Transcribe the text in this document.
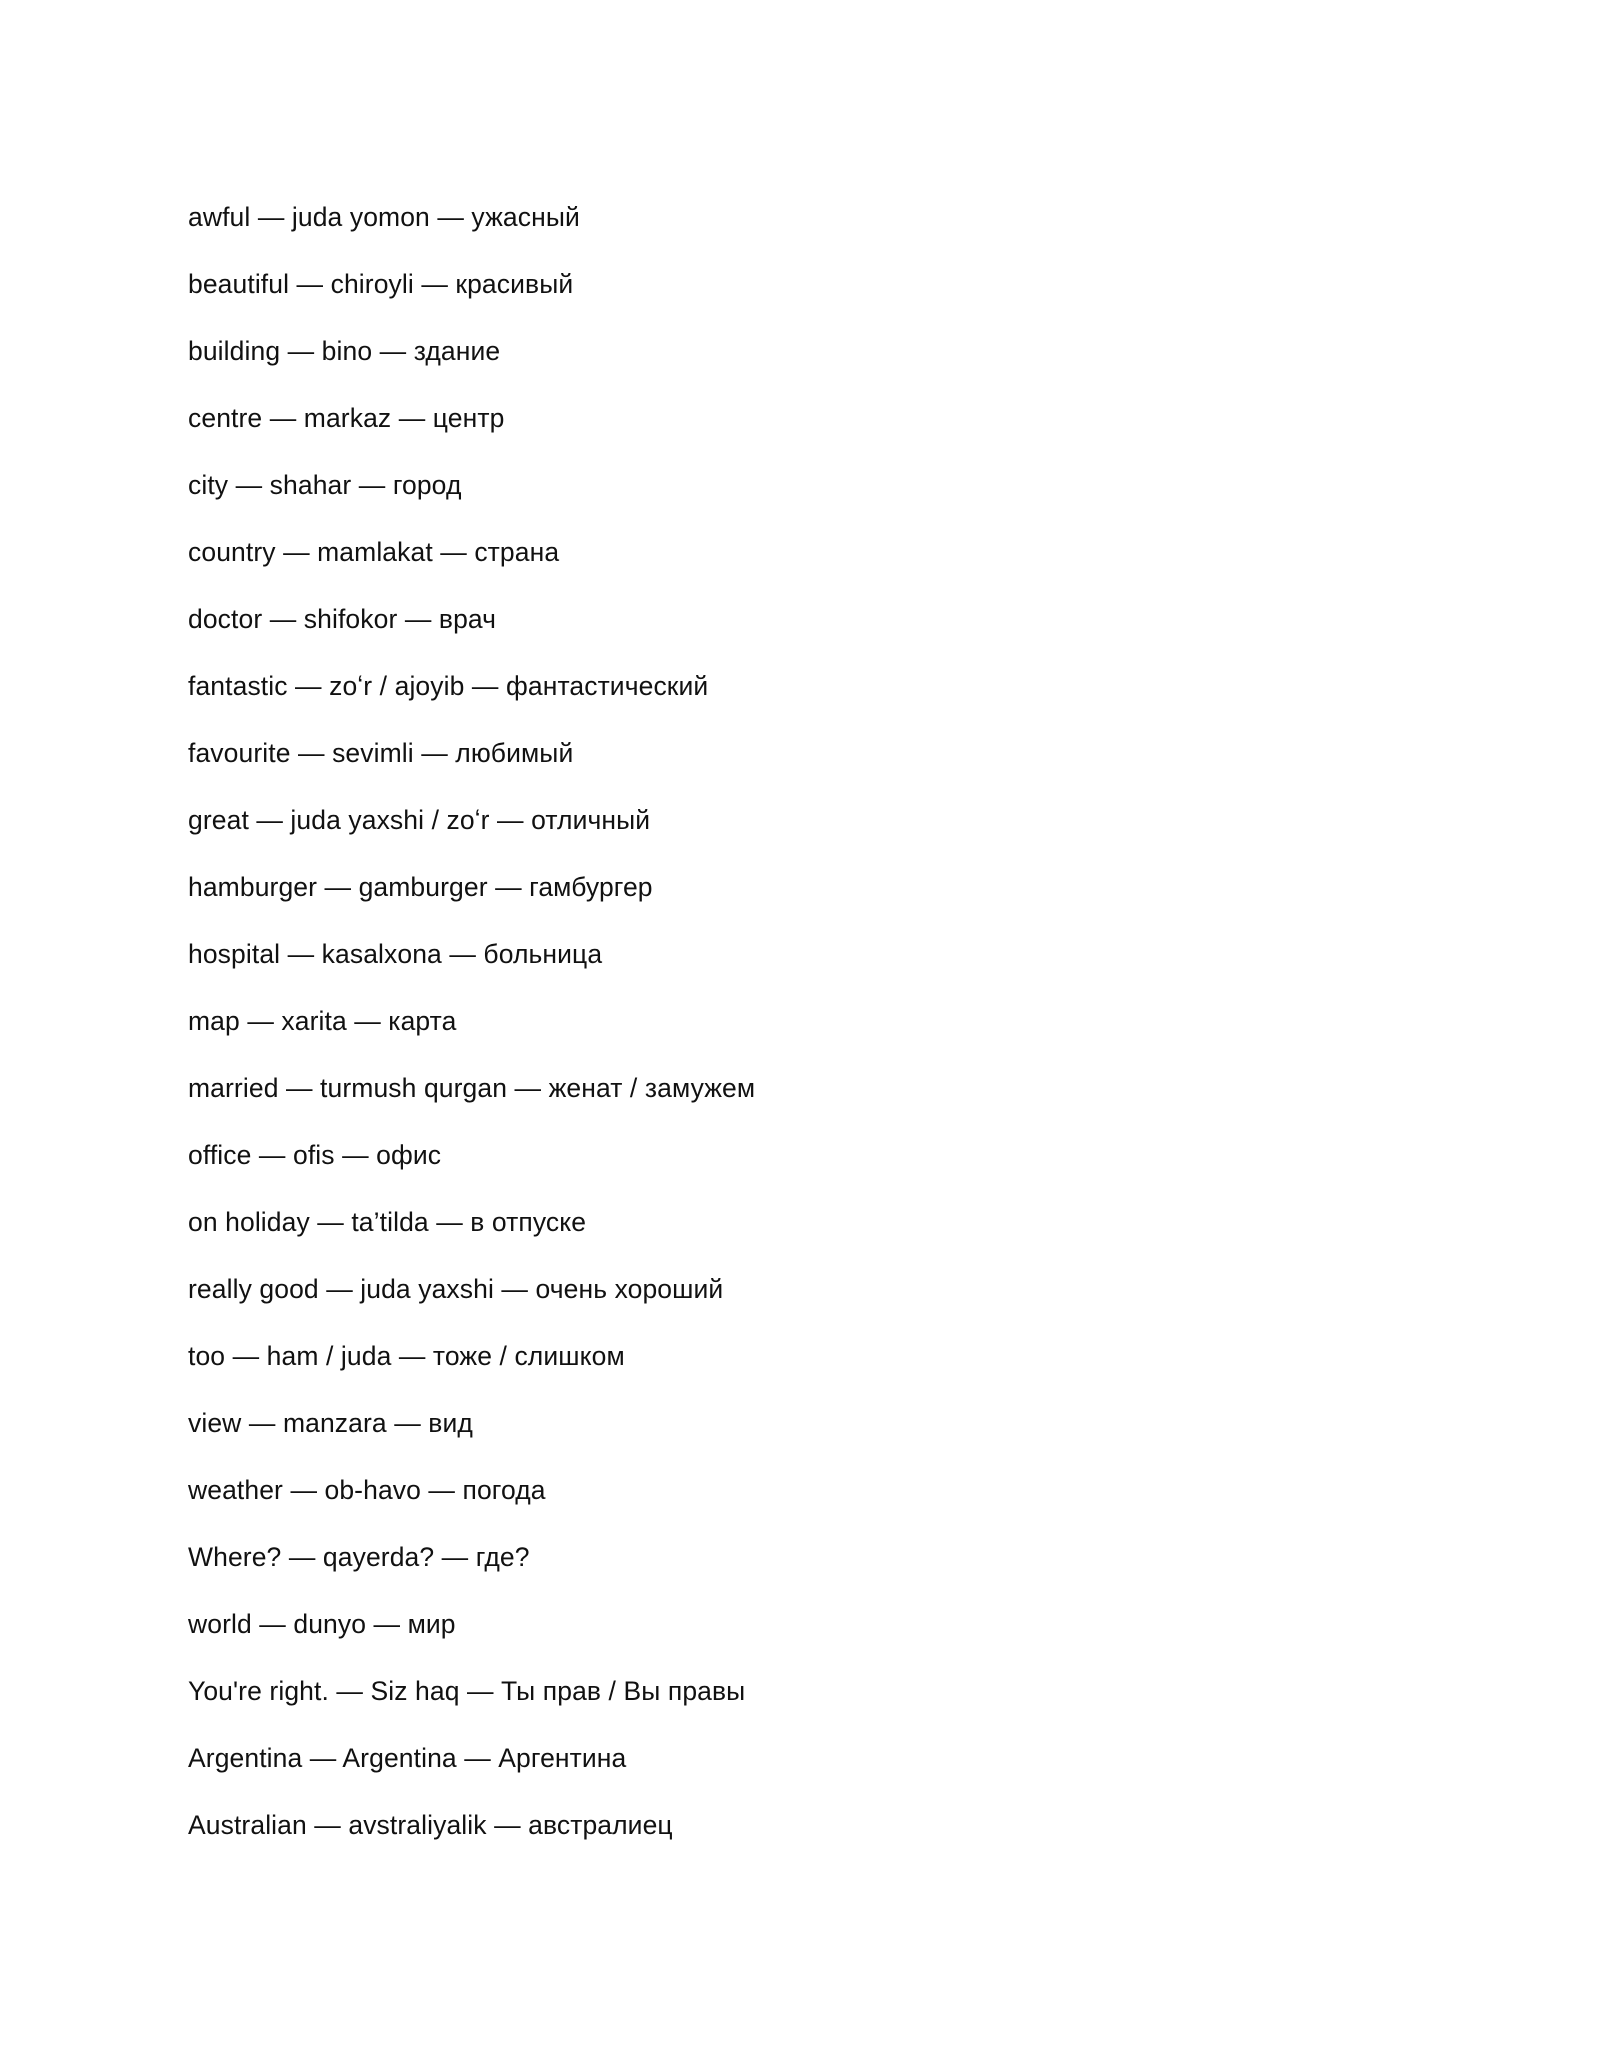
awful — juda yomon — ужасный
beautiful — chiroyli — красивый
building — bino — здание
centre — markaz — центр
city — shahar — город
country — mamlakat — страна
doctor — shifokor — врач
fantastic — zoʻr / ajoyib — фантастический
favourite — sevimli — любимый
great — juda yaxshi / zoʻr — отличный
hamburger — gamburger — гамбургер
hospital — kasalxona — больница
map — xarita — карта
married — turmush qurgan — женат / замужем
office — ofis — офис
on holiday — ta’tilda — в отпуске
really good — juda yaxshi — очень хороший
too — ham / juda — тоже / слишком
view — manzara — вид
weather — ob-havo — погода
Where? — qayerda? — где?
world — dunyo — мир
You're right. — Siz haq — Ты прав / Вы правы
Argentina — Argentina — Аргентина
Australian — avstraliyalik — австралиец
